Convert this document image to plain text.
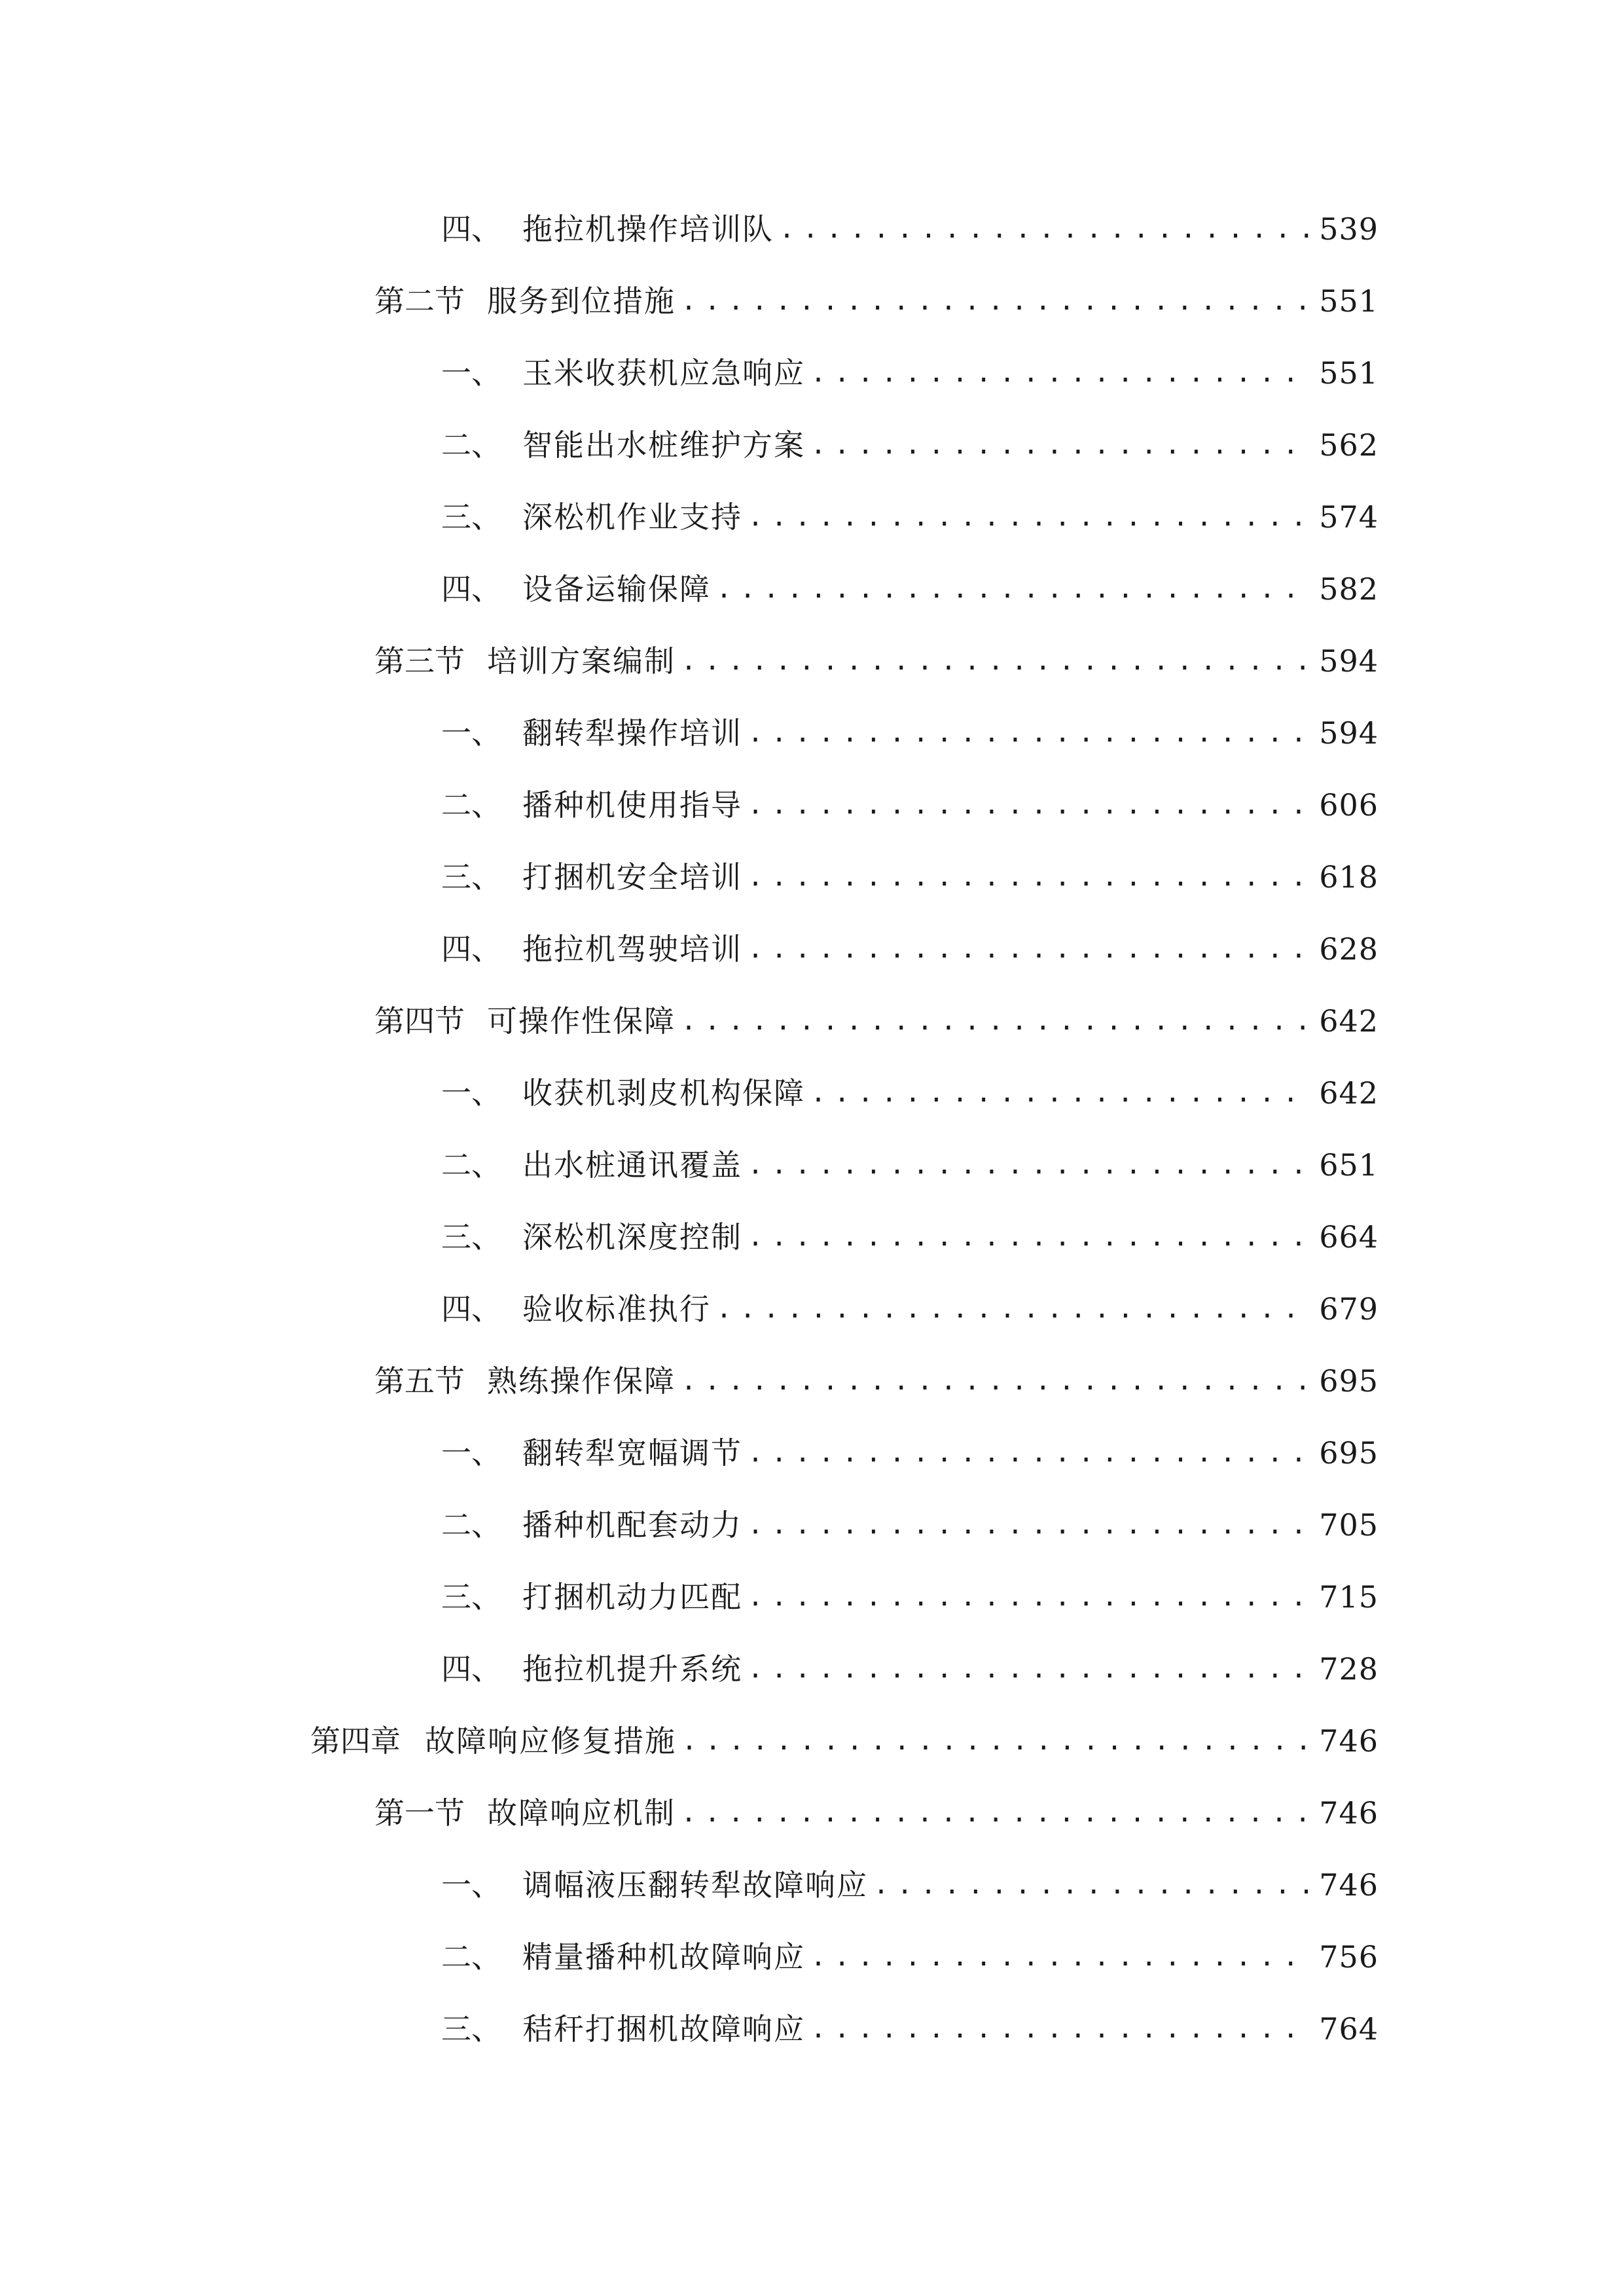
四、 拖拉机操作培训队 .....	539
第二节 服务到位措施 .....	551
一、 玉米收获机应急响应 .....	551
二、 智能出水桩维护方案 .....	562
三、 深松机作业支持 .....	574
四、 设备运输保障 .....	582
第三节 培训方案编制 .....	594
一、 翻转犁操作培训 .....	594
二、 播种机使用指导 .....	606
三、 打捆机安全培训 .....	618
四、 拖拉机驾驶培训 .....	628
第四节 可操作性保障 .....	642
一、 收获机剥皮机构保障 .....	642
二、 出水桩通讯覆盖 .....	651
三、 深松机深度控制 .....	664
四、 验收标准执行 .....	679
第五节 熟练操作保障 .....	695
一、 翻转犁宽幅调节 .....	695
二、 播种机配套动力 .....	705
三、 打捆机动力匹配 .....	715
四、 拖拉机提升系统 .....	728
第四章 故障响应修复措施 .....	746
第一节 故障响应机制 .....	746
一、 调幅液压翻转犁故障响应 .....	746
二、 精量播种机故障响应 .....	756
三、 秸秆打捆机故障响应 .....	764
